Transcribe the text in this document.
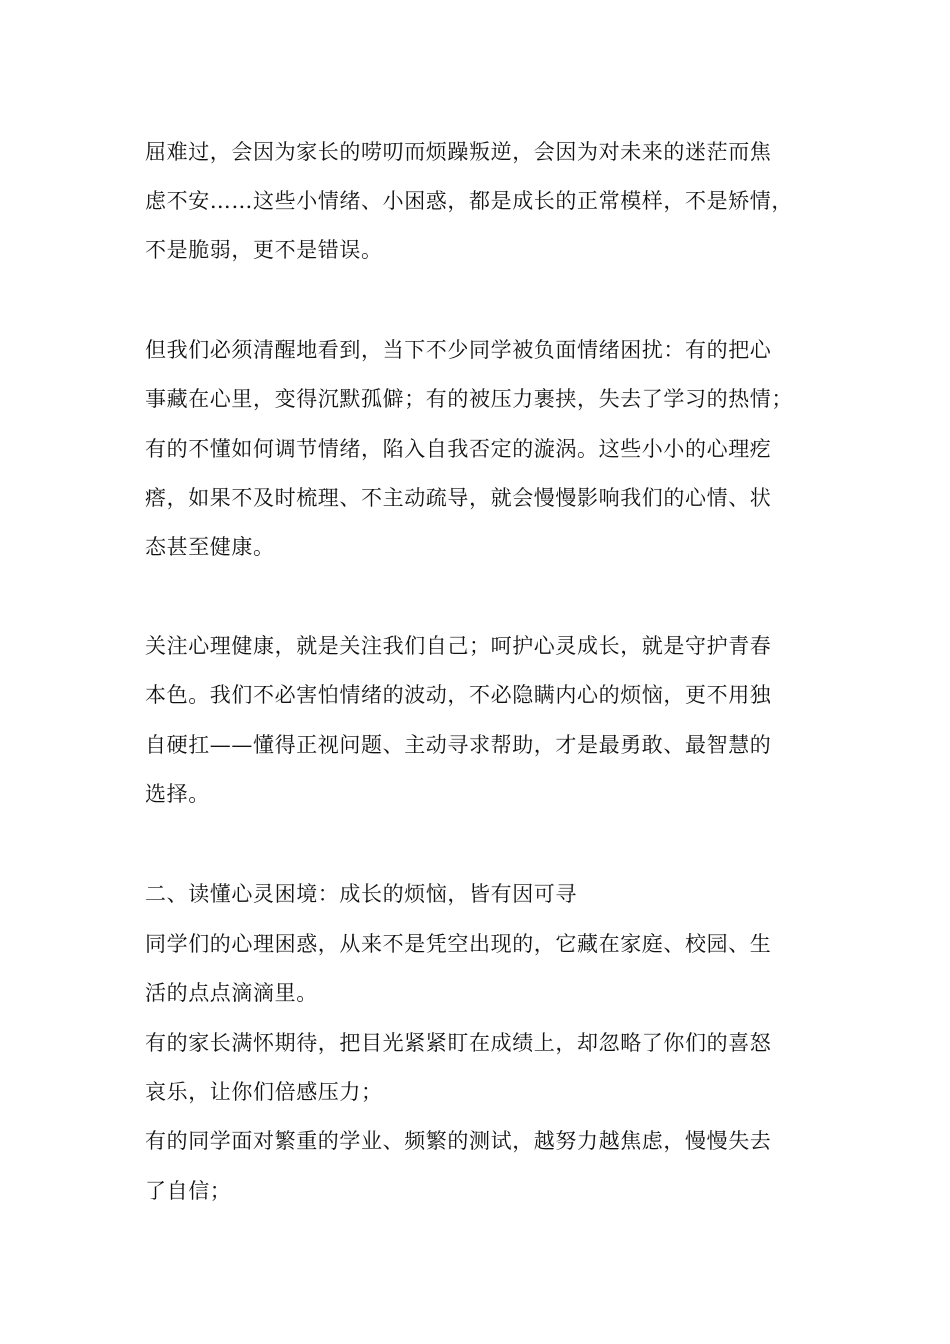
屈难过，会因为家长的唠叨而烦躁叛逆，会因为对未来的迷茫而焦

虑不安……这些小情绪、小困惑，都是成长的正常模样，不是矫情，

不是脆弱，更不是错误。

但我们必须清醒地看到，当下不少同学被负面情绪困扰：有的把心

事藏在心里，变得沉默孤僻；有的被压力裹挟，失去了学习的热情；

有的不懂如何调节情绪，陷入自我否定的漩涡。这些小小的心理疙

瘩，如果不及时梳理、不主动疏导，就会慢慢影响我们的心情、状

态甚至健康。

关注心理健康，就是关注我们自己；呵护心灵成长，就是守护青春

本色。我们不必害怕情绪的波动，不必隐瞒内心的烦恼，更不用独

自硬扛——懂得正视问题、主动寻求帮助，才是最勇敢、最智慧的

选择。

二、读懂心灵困境：成长的烦恼，皆有因可寻

同学们的心理困惑，从来不是凭空出现的，它藏在家庭、校园、生

活的点点滴滴里。

有的家长满怀期待，把目光紧紧盯在成绩上，却忽略了你们的喜怒

哀乐，让你们倍感压力；

有的同学面对繁重的学业、频繁的测试，越努力越焦虑，慢慢失去

了自信；
